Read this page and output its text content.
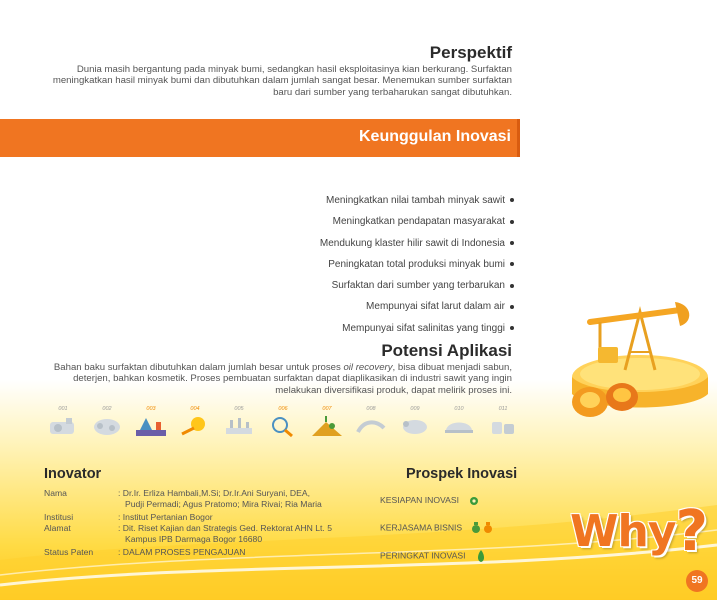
Perspektif
Dunia masih bergantung pada minyak bumi, sedangkan hasil eksploitasinya kian berkurang. Surfaktan meningkatkan hasil minyak bumi dan dibutuhkan dalam jumlah sangat besar. Menemukan sumber surfaktan baru dari sumber yang terbaharukan sangat dibutuhkan.
Keunggulan Inovasi
Meningkatkan nilai tambah minyak sawit
Meningkatkan pendapatan masyarakat
Mendukung klaster hilir sawit di Indonesia
Peningkatan total produksi minyak bumi
Surfaktan dari sumber yang terbarukan
Mempunyai sifat larut dalam air
Mempunyai sifat salinitas yang tinggi
Potensi Aplikasi
Bahan baku surfaktan dibutuhkan dalam jumlah besar untuk proses oil recovery, bisa dibuat menjadi sabun, deterjen, bahkan kosmetik. Proses pembuatan surfaktan dapat diaplikasikan di industri sawit yang ingin melakukan diversifikasi produk, dapat melirik proses ini.
001	002	003	004	005	006	007	008	009	010	011
Inovator
Nama	: Dr.Ir. Erliza Hambali,M.Si; Dr.Ir.Ani Suryani, DEA,
Pudji Permadi; Agus Pratomo; Mira Rivai; Ria Maria
Institusi	: Institut Pertanian Bogor
Alamat	: Dit. Riset Kajian dan Strategis Ged. Rektorat AHN Lt. 5
Kampus IPB Darmaga Bogor 16680
Status Paten	: DALAM PROSES PENGAJUAN
Prospek Inovasi
KESIAPAN INOVASI
KERJASAMA BISNIS
PERINGKAT INOVASI	Why?
59
